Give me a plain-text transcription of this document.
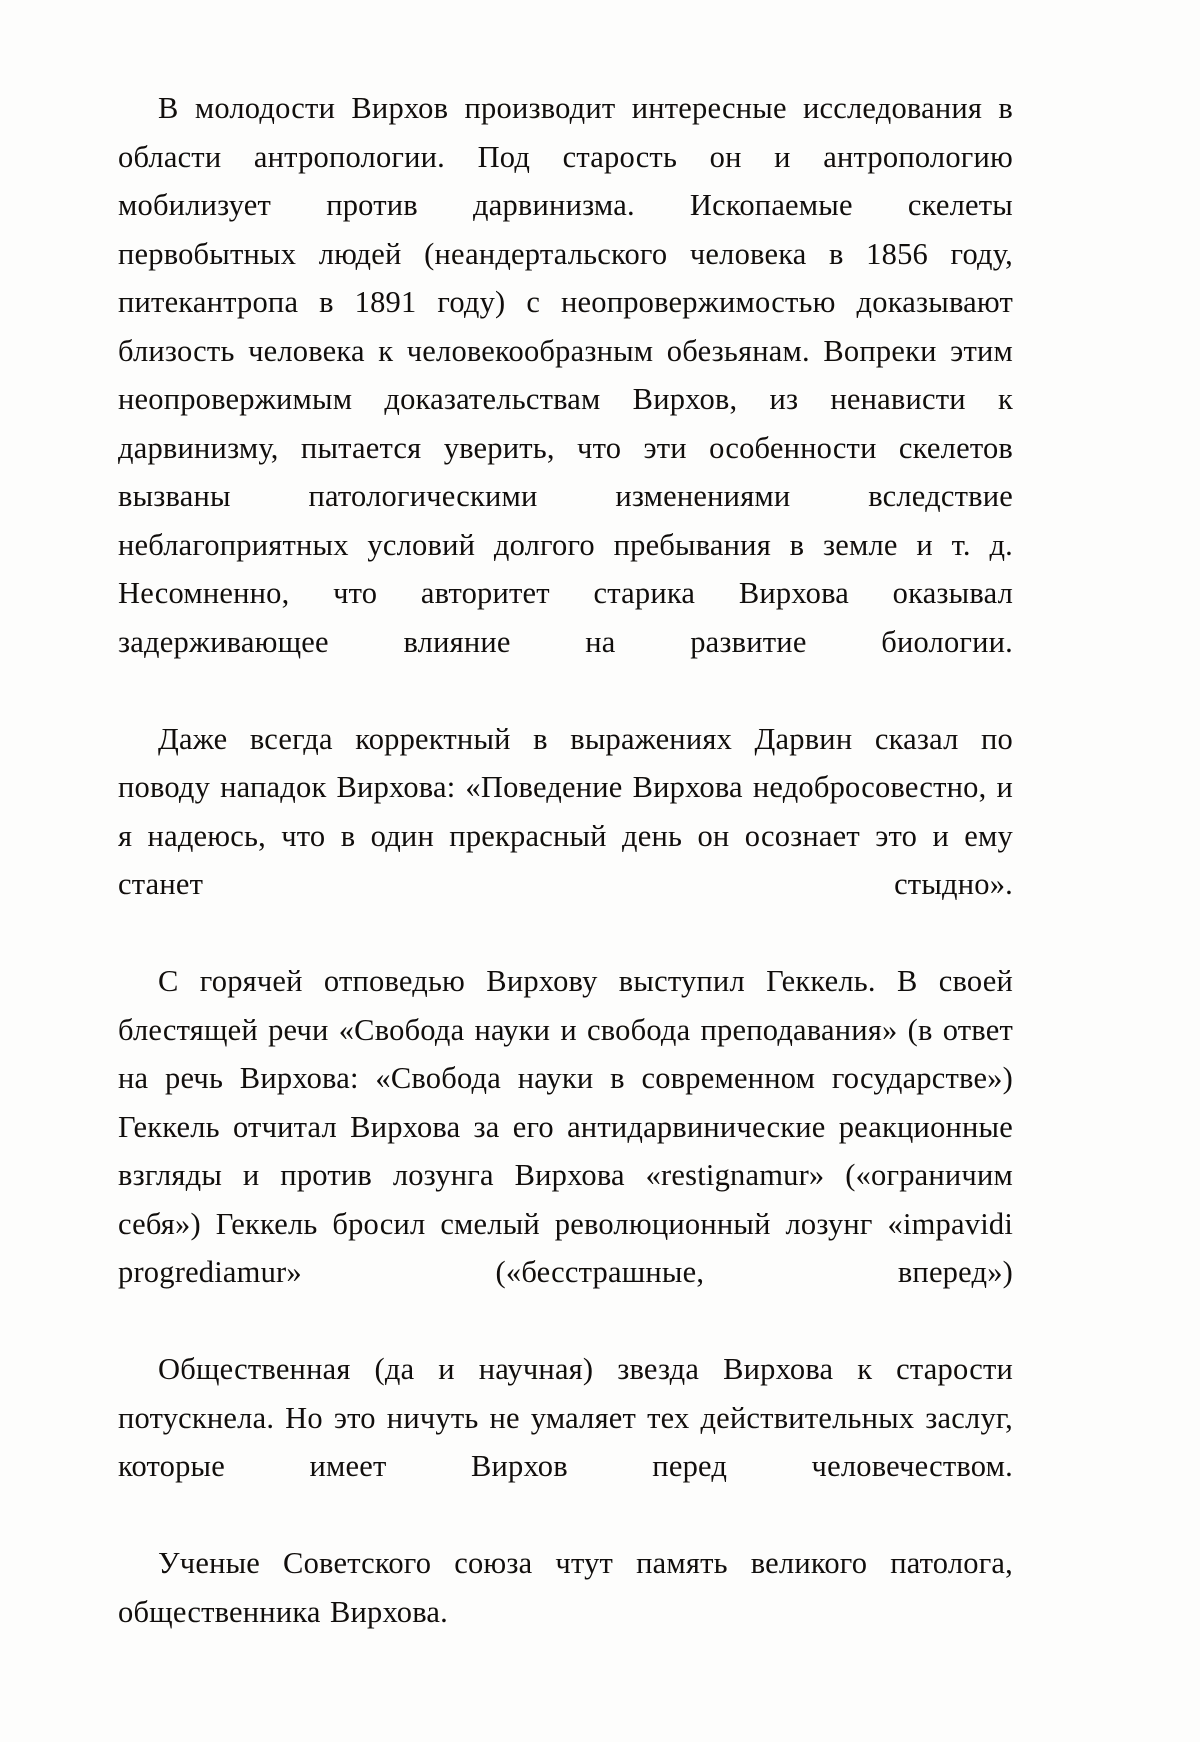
В молодости Вирхов производит интересные исследования в области антропологии. Под старость он и антропологию мобилизует против дарвинизма. Ископаемые скелеты первобытных людей (неандертальского человека в 1856 году, питекантропа в 1891 году) с неопровержимостью доказывают близость человека к человекообразным обезьянам. Вопреки этим неопровержимым доказательствам Вирхов, из ненависти к дарвинизму, пытается уверить, что эти особенности скелетов вызваны патологическими изменениями вследствие неблагоприятных условий долгого пребывания в земле и т. д. Несомненно, что авторитет старика Вирхова оказывал задерживающее влияние на развитие биологии.

Даже всегда корректный в выражениях Дарвин сказал по поводу нападок Вирхова: «Поведение Вирхова недобросовестно, и я надеюсь, что в один прекрасный день он осознает это и ему станет стыдно».

С горячей отповедью Вирхову выступил Геккель. В своей блестящей речи «Свобода науки и свобода преподавания» (в ответ на речь Вирхова: «Свобода науки в современном государстве») Геккель отчитал Вирхова за его антидарвинические реакционные взгляды и против лозунга Вирхова «restignamur» («ограничим себя») Геккель бросил смелый революционный лозунг «impavidi progrediamur» («бесстрашные, вперед»)

Общественная (да и научная) звезда Вирхова к старости потускнела. Но это ничуть не умаляет тех действительных заслуг, которые имеет Вирхов перед человечеством.

Ученые Советского союза чтут память великого патолога, общественника Вирхова.
